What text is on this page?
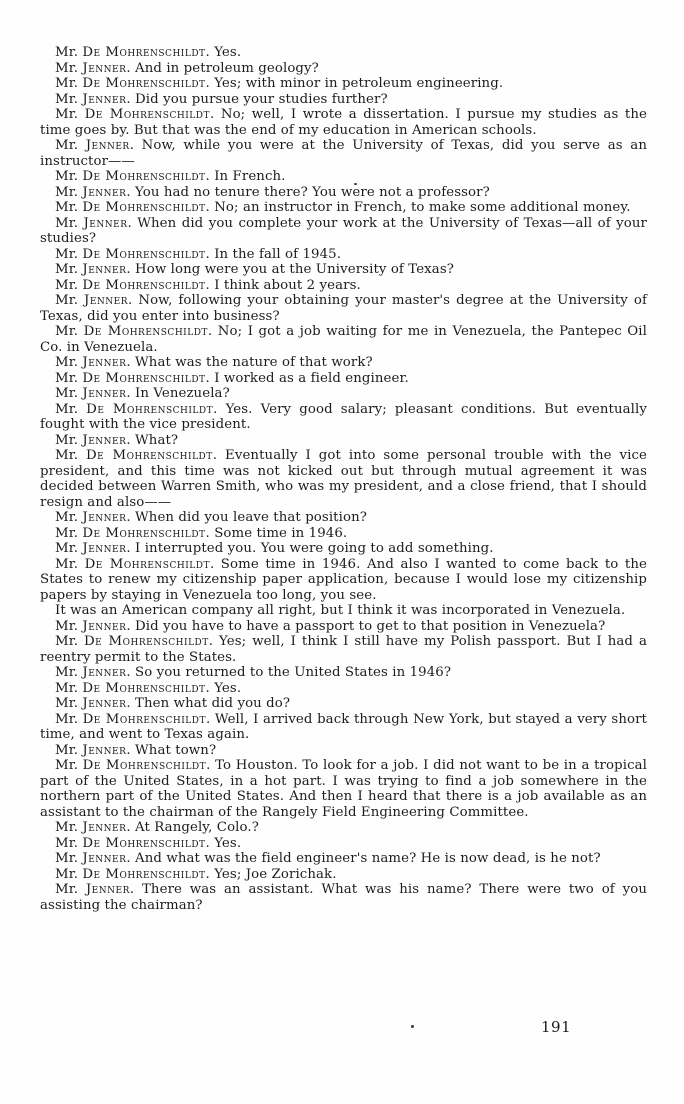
Mr. De Mohrenschildt. Yes.

Mr. Jenner. And in petroleum geology?

Mr. De Mohrenschildt. Yes; with minor in petroleum engineering.

Mr. Jenner. Did you pursue your studies further?

Mr. De Mohrenschildt. No; well, I wrote a dissertation. I pursue my studies as the time goes by. But that was the end of my education in American schools.

Mr. Jenner. Now, while you were at the University of Texas, did you serve as an instructor——

Mr. De Mohrenschildt. In French.

Mr. Jenner. You had no tenure there? You were not a professor?

Mr. De Mohrenschildt. No; an instructor in French, to make some additional money.

Mr. Jenner. When did you complete your work at the University of Texas—all of your studies?

Mr. De Mohrenschildt. In the fall of 1945.

Mr. Jenner. How long were you at the University of Texas?

Mr. De Mohrenschildt. I think about 2 years.

Mr. Jenner. Now, following your obtaining your master's degree at the University of Texas, did you enter into business?

Mr. De Mohrenschildt. No; I got a job waiting for me in Venezuela, the Pantepec Oil Co. in Venezuela.

Mr. Jenner. What was the nature of that work?

Mr. De Mohrenschildt. I worked as a field engineer.

Mr. Jenner. In Venezuela?

Mr. De Mohrenschildt. Yes. Very good salary; pleasant conditions. But eventually fought with the vice president.

Mr. Jenner. What?

Mr. De Mohrenschildt. Eventually I got into some personal trouble with the vice president, and this time was not kicked out but through mutual agreement it was decided between Warren Smith, who was my president, and a close friend, that I should resign and also——

Mr. Jenner. When did you leave that position?

Mr. De Mohrenschildt. Some time in 1946.

Mr. Jenner. I interrupted you. You were going to add something.

Mr. De Mohrenschildt. Some time in 1946. And also I wanted to come back to the States to renew my citizenship paper application, because I would lose my citizenship papers by staying in Venezuela too long, you see.

It was an American company all right, but I think it was incorporated in Venezuela.

Mr. Jenner. Did you have to have a passport to get to that position in Venezuela?

Mr. De Mohrenschildt. Yes; well, I think I still have my Polish passport. But I had a reentry permit to the States.

Mr. Jenner. So you returned to the United States in 1946?

Mr. De Mohrenschildt. Yes.

Mr. Jenner. Then what did you do?

Mr. De Mohrenschildt. Well, I arrived back through New York, but stayed a very short time, and went to Texas again.

Mr. Jenner. What town?

Mr. De Mohrenschildt. To Houston. To look for a job. I did not want to be in a tropical part of the United States, in a hot part. I was trying to find a job somewhere in the northern part of the United States. And then I heard that there is a job available as an assistant to the chairman of the Rangely Field Engineering Committee.

Mr. Jenner. At Rangely, Colo.?

Mr. De Mohrenschildt. Yes.

Mr. Jenner. And what was the field engineer's name? He is now dead, is he not?

Mr. De Mohrenschildt. Yes; Joe Zorichak.

Mr. Jenner. There was an assistant. What was his name? There were two of you assisting the chairman?

191
